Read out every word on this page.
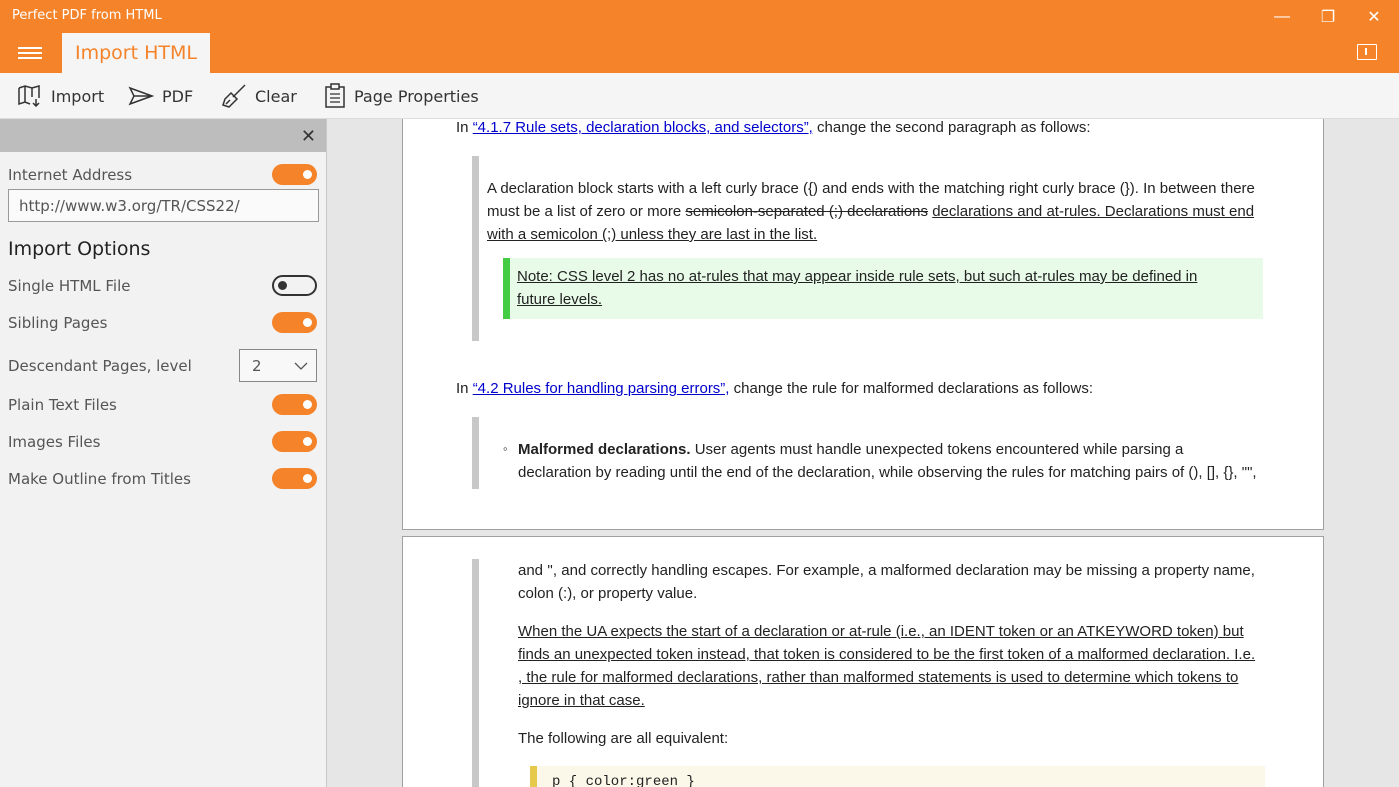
Perfect PDF from HTML	—	❐	✕
Import HTML
Import	PDF	Clear	Page Properties
✕
Internet Address
http://www.w3.org/TR/CSS22/
Import Options
Single HTML File
Sibling Pages
Descendant Pages, level	2
Plain Text Files
Images Files
Make Outline from Titles
In “4.1.7 Rule sets, declaration blocks, and selectors”, change the second paragraph as follows:
A declaration block starts with a left curly brace ({) and ends with the matching right curly brace (}). In between there
must be a list of zero or more semicolon-separated (;) declarations declarations and at-rules. Declarations must end
with a semicolon (;) unless they are last in the list.
Note: CSS level 2 has no at-rules that may appear inside rule sets, but such at-rules may be defined in
future levels.
In “4.2 Rules for handling parsing errors”, change the rule for malformed declarations as follows:
◦ Malformed declarations. User agents must handle unexpected tokens encountered while parsing a
declaration by reading until the end of the declaration, while observing the rules for matching pairs of (), [], {}, "",
and '', and correctly handling escapes. For example, a malformed declaration may be missing a property name,
colon (:), or property value.
When the UA expects the start of a declaration or at-rule (i.e., an IDENT token or an ATKEYWORD token) but
finds an unexpected token instead, that token is considered to be the first token of a malformed declaration. I.e.
, the rule for malformed declarations, rather than malformed statements is used to determine which tokens to
ignore in that case.
The following are all equivalent:
p { color:green }
